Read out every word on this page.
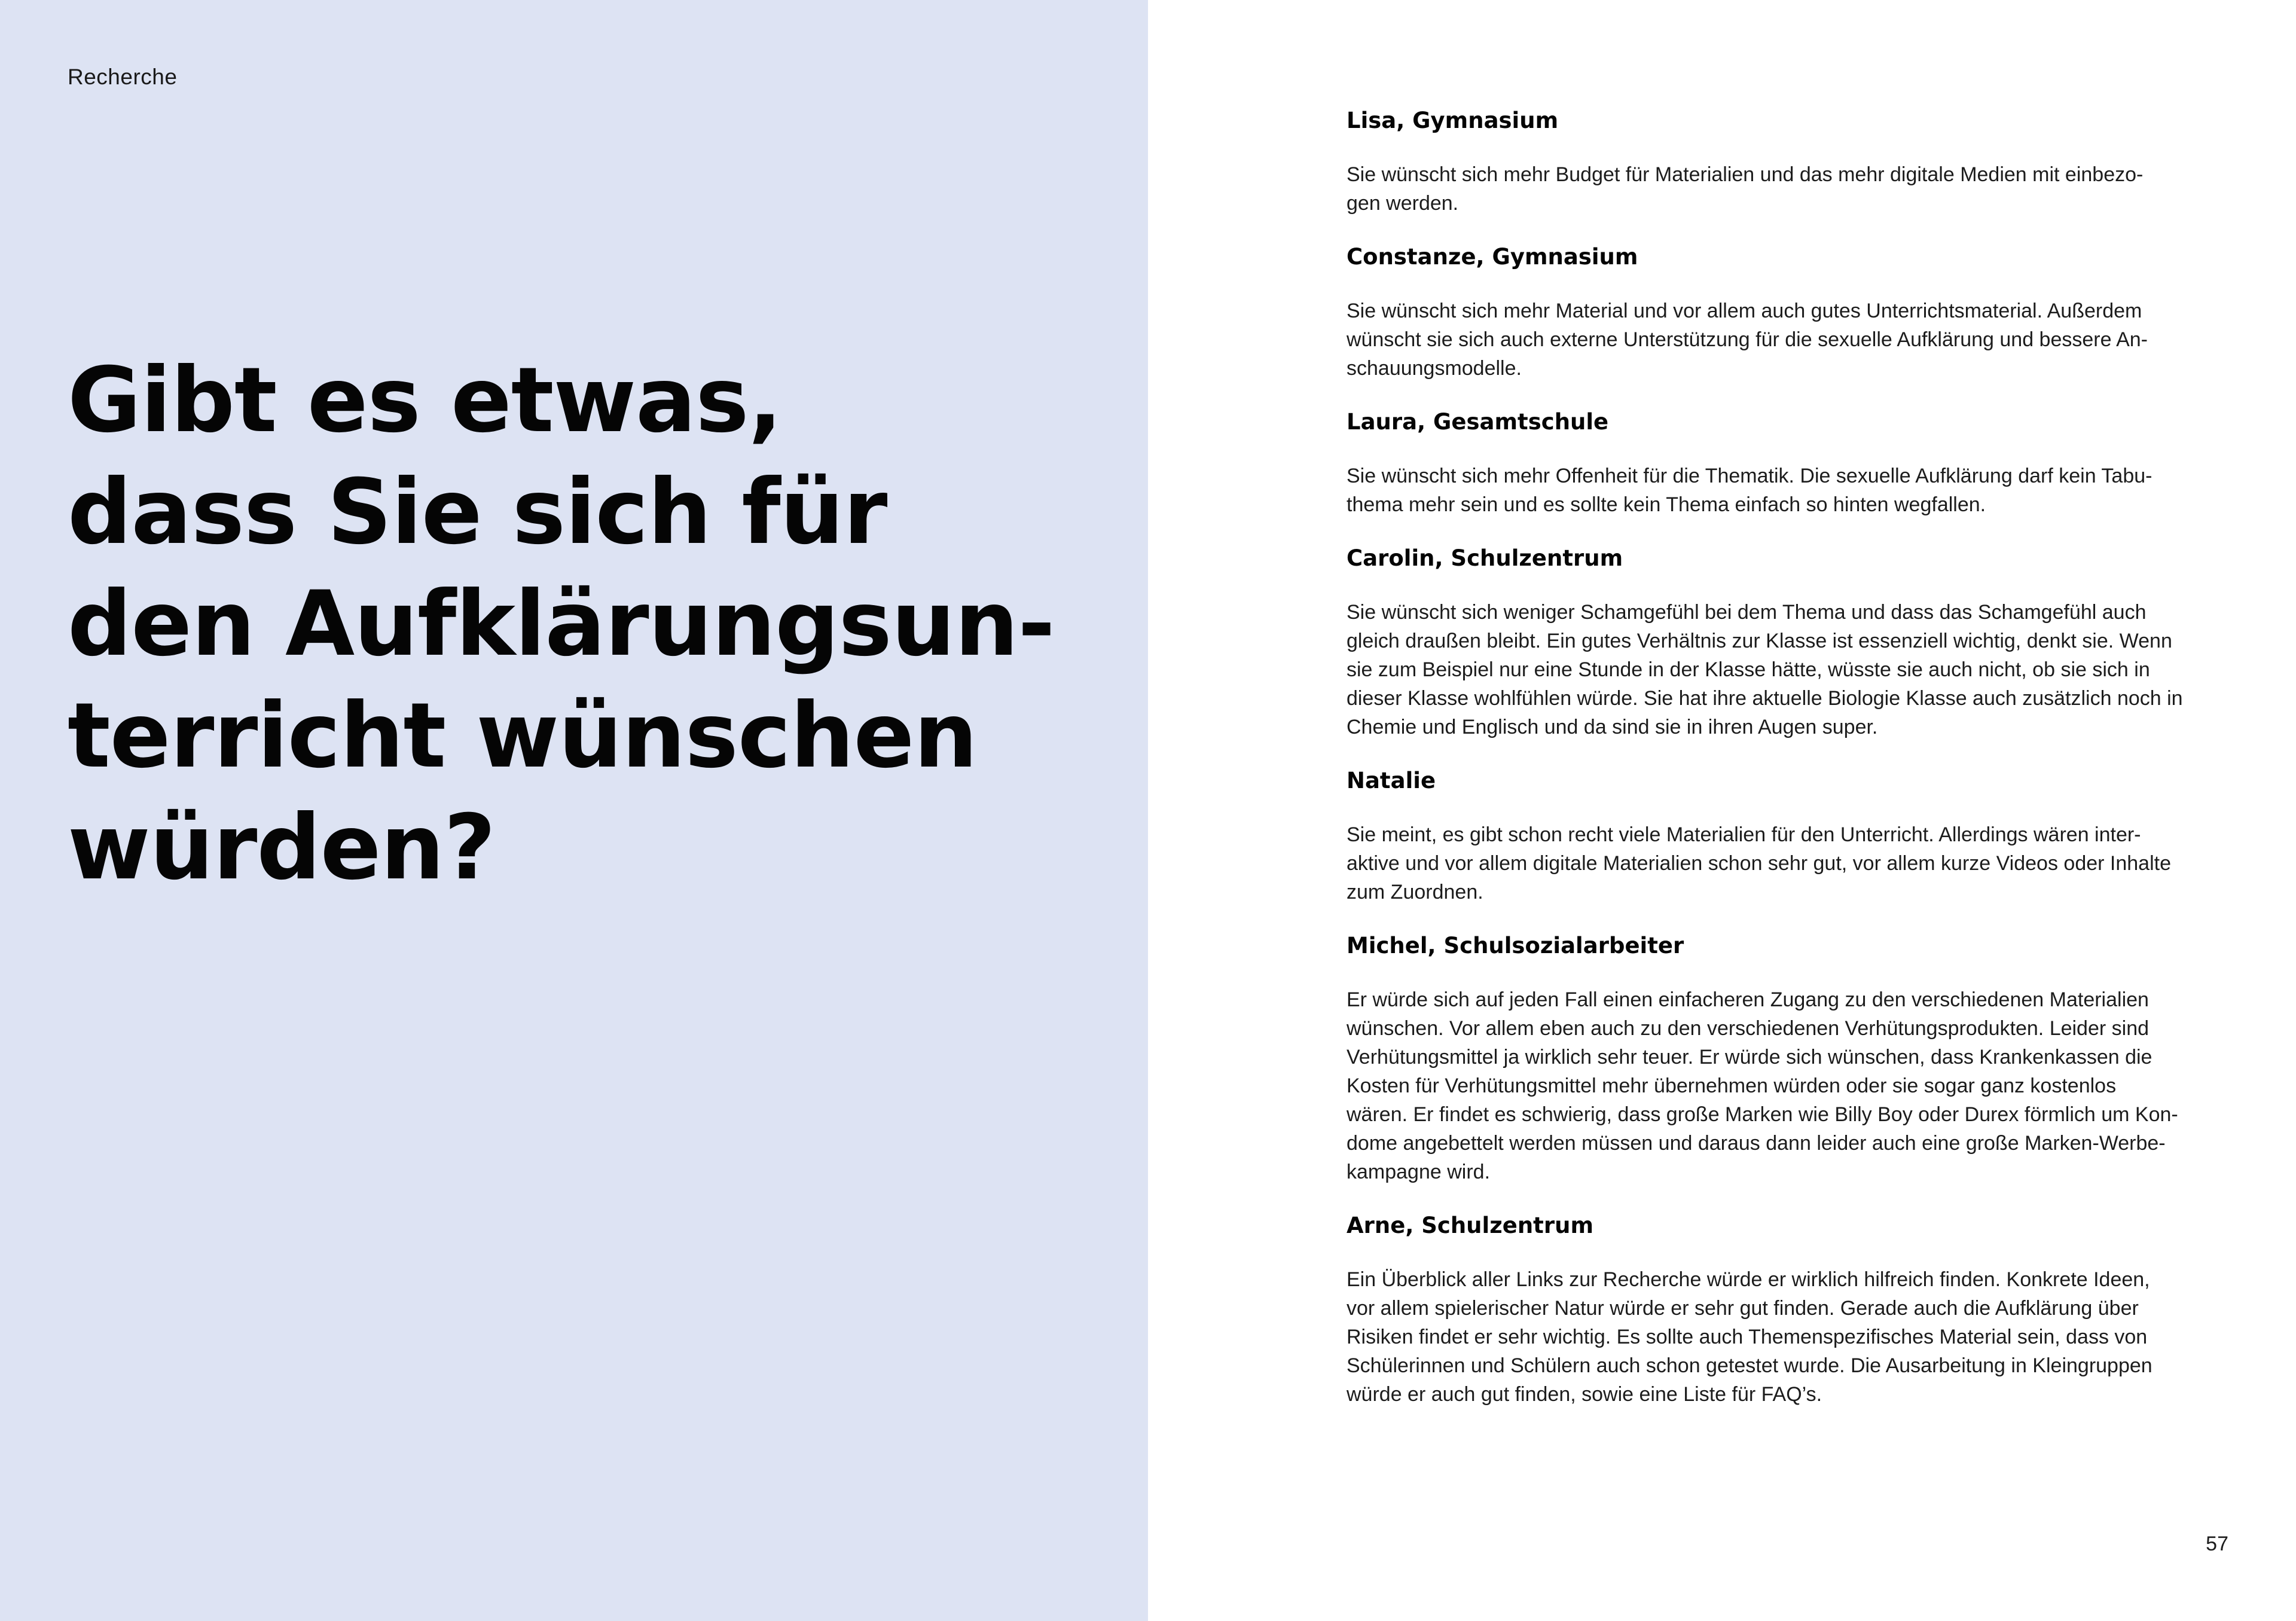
Recherche
Gibt es etwas,
dass Sie sich für
den Aufklärungsun-
terricht wünschen
würden?
Lisa, Gymnasium

Sie wünscht sich mehr Budget für Materialien und das mehr digitale Medien mit einbezo-
gen werden.

Constanze, Gymnasium

Sie wünscht sich mehr Material und vor allem auch gutes Unterrichtsmaterial. Außerdem
wünscht sie sich auch externe Unterstützung für die sexuelle Aufklärung und bessere An-
schauungsmodelle.

Laura, Gesamtschule

Sie wünscht sich mehr Offenheit für die Thematik. Die sexuelle Aufklärung darf kein Tabu-
thema mehr sein und es sollte kein Thema einfach so hinten wegfallen.

Carolin, Schulzentrum

Sie wünscht sich weniger Schamgefühl bei dem Thema und dass das Schamgefühl auch
gleich draußen bleibt. Ein gutes Verhältnis zur Klasse ist essenziell wichtig, denkt sie. Wenn
sie zum Beispiel nur eine Stunde in der Klasse hätte, wüsste sie auch nicht, ob sie sich in
dieser Klasse wohlfühlen würde. Sie hat ihre aktuelle Biologie Klasse auch zusätzlich noch in
Chemie und Englisch und da sind sie in ihren Augen super.

Natalie

Sie meint, es gibt schon recht viele Materialien für den Unterricht. Allerdings wären inter-
aktive und vor allem digitale Materialien schon sehr gut, vor allem kurze Videos oder Inhalte
zum Zuordnen.

Michel, Schulsozialarbeiter

Er würde sich auf jeden Fall einen einfacheren Zugang zu den verschiedenen Materialien
wünschen. Vor allem eben auch zu den verschiedenen Verhütungsprodukten. Leider sind
Verhütungsmittel ja wirklich sehr teuer. Er würde sich wünschen, dass Krankenkassen die
Kosten für Verhütungsmittel mehr übernehmen würden oder sie sogar ganz kostenlos
wären. Er findet es schwierig, dass große Marken wie Billy Boy oder Durex förmlich um Kon-
dome angebettelt werden müssen und daraus dann leider auch eine große Marken-Werbe-
kampagne wird.

Arne, Schulzentrum

Ein Überblick aller Links zur Recherche würde er wirklich hilfreich finden. Konkrete Ideen,
vor allem spielerischer Natur würde er sehr gut finden. Gerade auch die Aufklärung über
Risiken findet er sehr wichtig. Es sollte auch Themenspezifisches Material sein, dass von
Schülerinnen und Schülern auch schon getestet wurde. Die Ausarbeitung in Kleingruppen
würde er auch gut finden, sowie eine Liste für FAQ’s.

57
